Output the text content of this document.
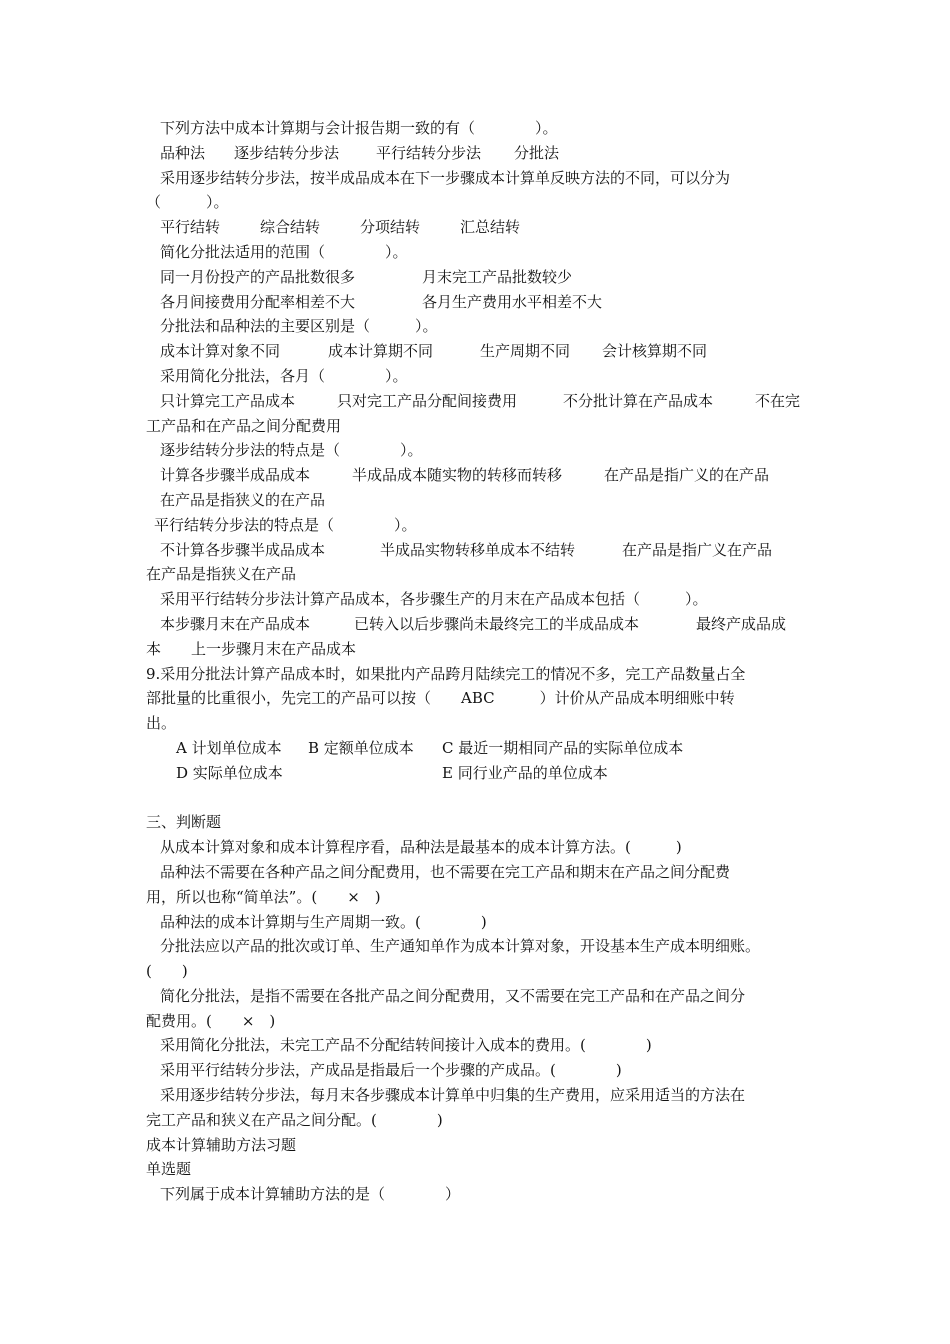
下列方法中成本计算期与会计报告期一致的有（　　　　）。
品种法 逐步结转分步法 平行结转分步法 分批法
采用逐步结转分步法，按半成品成本在下一步骤成本计算单反映方法的不同，可以分为
（　　　）。
平行结转	综合结转	分项结转	汇总结转
简化分批法适用的范围（　　　　）。
同一月份投产的产品批数很多	月末完工产品批数较少
各月间接费用分配率相差不大	各月生产费用水平相差不大
分批法和品种法的主要区别是（　　　）。
成本计算对象不同	成本计算期不同	生产周期不同 会计核算期不同
采用简化分批法，各月（　　　　）。
只计算完工产品成本	只对完工产品分配间接费用	不分批计算在产品成本	不在完
工产品和在产品之间分配费用
逐步结转分步法的特点是（　　　　）。
计算各步骤半成品成本	半成品成本随实物的转移而转移	在产品是指广义的在产品
在产品是指狭义的在产品
平行结转分步法的特点是（　　　　）。
不计算各步骤半成品成本	半成品实物转移单成本不结转	在产品是指广义在产品
在产品是指狭义在产品
采用平行结转分步法计算产品成本，各步骤生产的月末在产品成本包括（　　　）。
本步骤月末在产品成本	已转入以后步骤尚未最终完工的半成品成本	最终产成品成
本　　上一步骤月末在产品成本
9.采用分批法计算产品成本时，如果批内产品跨月陆续完工的情况不多，完工产品数量占全
部批量的比重很小，先完工的产品可以按（　　ABC　　　）计价从产品成本明细账中转
出。
A 计划单位成本 B 定额单位成本 C 最近一期相同产品的实际单位成本
D 实际单位成本	E 同行业产品的单位成本
三、判断题
从成本计算对象和成本计算程序看，品种法是最基本的成本计算方法。(　　　)
品种法不需要在各种产品之间分配费用，也不需要在完工产品和期末在产品之间分配费
用，所以也称“简单法”。(　　×　)
品种法的成本计算期与生产周期一致。(　　　　)
分批法应以产品的批次或订单、生产通知单作为成本计算对象，开设基本生产成本明细账。
(　　)
简化分批法，是指不需要在各批产品之间分配费用，又不需要在完工产品和在产品之间分
配费用。(　　×　)
采用简化分批法，未完工产品不分配结转间接计入成本的费用。(　　　　)
采用平行结转分步法，产成品是指最后一个步骤的产成品。(　　　　)
采用逐步结转分步法，每月末各步骤成本计算单中归集的生产费用，应采用适当的方法在
完工产品和狭义在产品之间分配。(　　　　)
成本计算辅助方法习题
单选题
下列属于成本计算辅助方法的是（　　　　）
